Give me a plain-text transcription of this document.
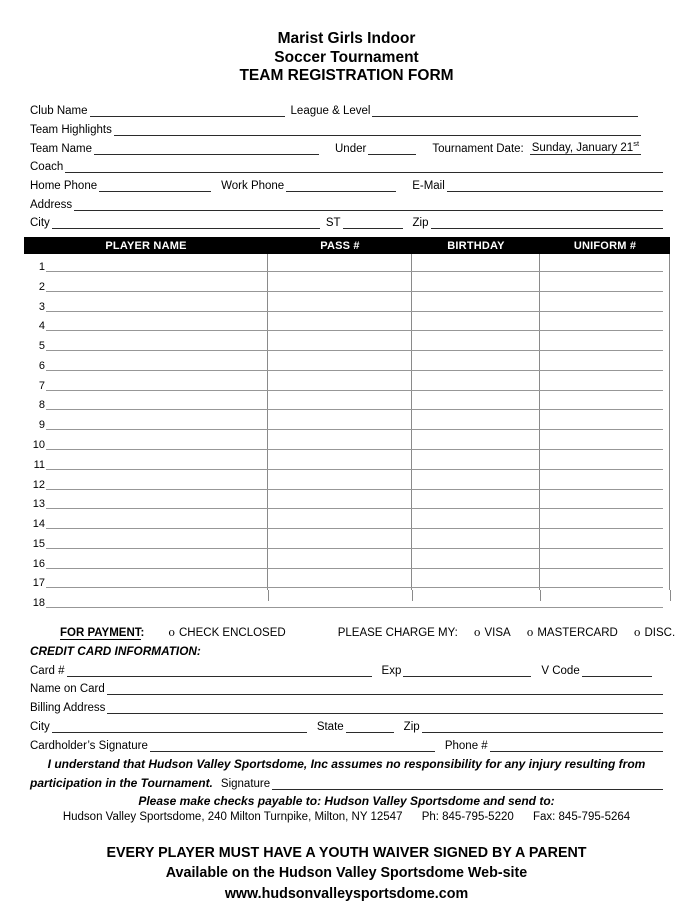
Marist Girls Indoor
Soccer Tournament
TEAM REGISTRATION FORM
Club Name	League & Level
Team Highlights
Team Name	Under	Tournament Date: Sunday, January 21st
Coach
Home Phone	Work Phone	E-Mail
Address
City	ST	Zip
PLAYER NAME	PASS #	BIRTHDAY	UNIFORM #
1
2
3
4
5
6
7
8
9
10
11
12
13
14
15
16
17
18
FOR PAYMENT: o CHECK ENCLOSED	PLEASE CHARGE MY: o VISA o MASTERCARD o DISC.
CREDIT CARD INFORMATION:
Card #	Exp	V Code
Name on Card
Billing Address
City	State	Zip
Cardholder’s Signature	Phone #
I understand that Hudson Valley Sportsdome, Inc assumes no responsibility for any injury resulting from
participation in the Tournament. Signature
Please make checks payable to: Hudson Valley Sportsdome and send to:
Hudson Valley Sportsdome, 240 Milton Turnpike, Milton, NY 12547 Ph: 845-795-5220 Fax: 845-795-5264
EVERY PLAYER MUST HAVE A YOUTH WAIVER SIGNED BY A PARENT
Available on the Hudson Valley Sportsdome Web-site
www.hudsonvalleysportsdome.com
